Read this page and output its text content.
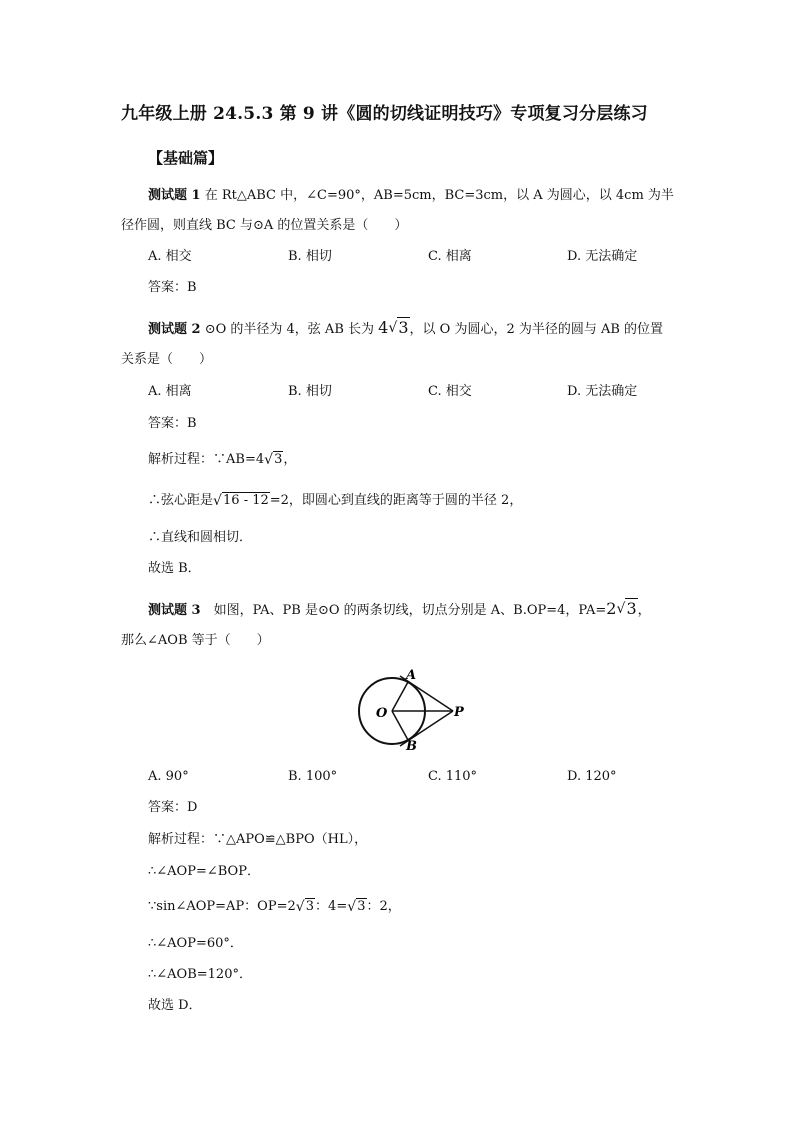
九年级上册 24.5.3 第 9 讲《圆的切线证明技巧》专项复习分层练习
【基础篇】
测试题 1 在 Rt△ABC 中，∠C=90°，AB=5cm，BC=3cm，以 A 为圆心，以 4cm 为半
径作圆，则直线 BC 与⊙A 的位置关系是（　　）
A. 相交	B. 相切	C. 相离	D. 无法确定
答案：B
测试题 2 ⊙O 的半径为 4，弦 AB 长为 4 √ 3，以 O 为圆心，2 为半径的圆与 AB 的位置
关系是（　　）
A. 相离	B. 相切	C. 相交	D. 无法确定
答案：B
解析过程：∵AB=4 √ 3，
∴弦心距是 √ 16 - 12=2，即圆心到直线的距离等于圆的半径 2，
∴直线和圆相切．
故选 B．
测试题 3　如图，PA、PB 是⊙O 的两条切线，切点分别是 A、B.OP=4，PA=2 √ 3，
那么∠AOB 等于（　　）
A
B
O	P
A. 90°	B. 100°	C. 110°	D. 120°
答案：D
解析过程：∵△APO≌△BPO（HL），
∴∠AOP=∠BOP．
∵sin∠AOP=AP：OP=2 √ 3：4= √ 3：2，
∴∠AOP=60°．
∴∠AOB=120°．
故选 D．
